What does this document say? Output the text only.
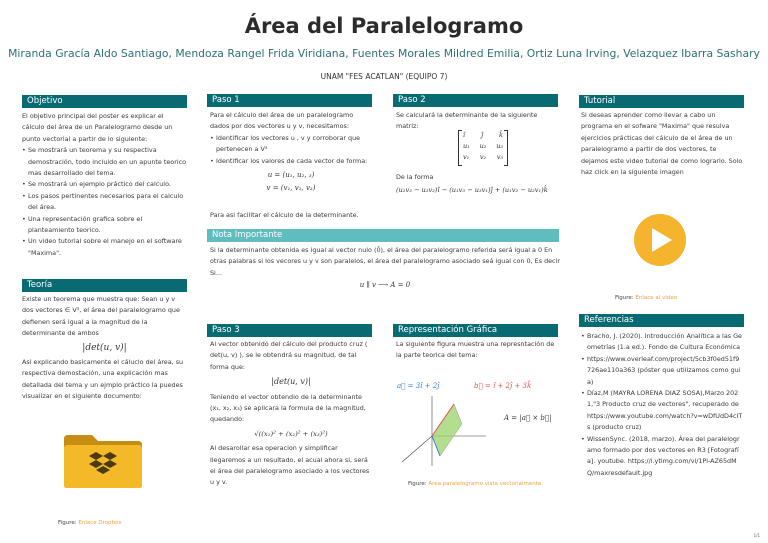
Área del Paralelogramo
Miranda Gracía Aldo Santiago, Mendoza Rangel Frida Viridiana, Fuentes Morales Mildred Emilia, Ortiz Luna Irving, Velazquez Ibarra Sashary
UNAM "FES ACATLAN" (EQUIPO 7)
Objetivo

El objetivo principal del poster es explicar el cálculo del área de un Paralelogramo desde un punto vectorial a partir de lo siguiente:

• Se mostrará un teorema y su respectiva demostración, todo incluido en un apunte teorico mas desarrollado del tema.
• Se mostrará un ejemplo práctico del calculo.
• Los pasos pertinentes necesarios para el calculo del área.
• Una representación grafica sobre el planteamiento teorico.
• Un video tutorial sobre el manejo en el software "Maxima".
Teoría

Existe un teorema que muestra que: Sean u y v dos vectores ∈ V³, el área del paralelogramo que defienen será igual a la magnitud de la determinante de ambos

|det(u, v)|

Asi explicando basicamente el cáluclo del área, su respectiva demostación, una explicación mas detallada del tema y un ejmplo práctico la puedes visualizar en el siguiente documento:

Figure: Enlace Dropbox
Paso 1

Para el cálculo del área de un paralelogramo dados por dos vectores u y v, necesitamos:

• Identificar los vectores u , v y corroborar que pertenecen a V³
• Identificar los valores de cada vector de forma:
u = (u₁, u₂, ₃)
v = (v₁, v₂, v₃)
Para asi facilitar el cálculo de la determinante.
Paso 2
Se calculará la determinante de la siguiente matriz:
î ĵ k̂
u₁ u₂ u₃
v₁ v₂ v₃
De la forma
(u₂v₃ − u₃v₂)î − (u₁v₃ − u₃v₁)ĵ + (u₁v₂ − u₂v₁)k̂
Nota Importante
Si la determinante obtenida es igual al vector nulo (0̄), el área del paralelogramo referida será igual a 0 En otras palabras si los vecores u y v son paralelos, el área del paralelogramo asociado seá igual con 0, Es decir Si...
u ∥ v ⟶ A = 0
Paso 3

Al vector obtenido del cálculo del producto cruz ( det(u, v) ), se le obtendrá su magnitud, de tal forma que:

|det(u, v)|

Teniendo el vector obtendio de la determinante (x₁, x₂, x₃) se aplicara la formula de la magnitud, quedando:

√((x₁)² + (x₂)² + (x₃)²)

Al desarollar esa operacion y simplificar llegaremos a un resultado, el acual ahora si, será el área del paralelogramo asociado a los vectores u y v.

Representación Gráfica
La siguiente figura muestra una represntación de la parte teorica del tema:
a⃗ = 3î + 2ĵ	b⃗ = î + 2ĵ + 3k̂
A = |a⃗ × b⃗|
Figure: Area paralelogramo vista vectorialmente
Tutorial
Si deseas aprender como llevar a cabo un programa en el sofware "Maxima" que resulva ejercicios prácticas del cálculo de el área de un paralelogramo a partir de dos vectores, te dejamos este video tutorial de como lograrlo. Solo haz click en la siguiente imagen
Figure: Enlace al video
Referencias
• Bracho, J. (2020). Introducción Analítica a las Geometrías (1.a ed.). Fondo de Cultura Económica
• https://www.overleaf.com/project/5cb3f0ed51f9726ae110a363 (póster que utilizamos como guia)
• Díaz,M (MAYRA LORENA DIAZ SOSA),Marzo 2021,"3 Producto cruz de vectores", recuperado de https://www.youtube.com/watch?v=wDfUdD4cITs (producto cruz)
• WissenSync. (2018, marzo). Área del paralelogramo formado por dos vectores en R3 [Fotografía]. youtube. https://i.ytimg.com/vi/1Pi-AZ65dMQ/maxresdefault.jpg
1/1
